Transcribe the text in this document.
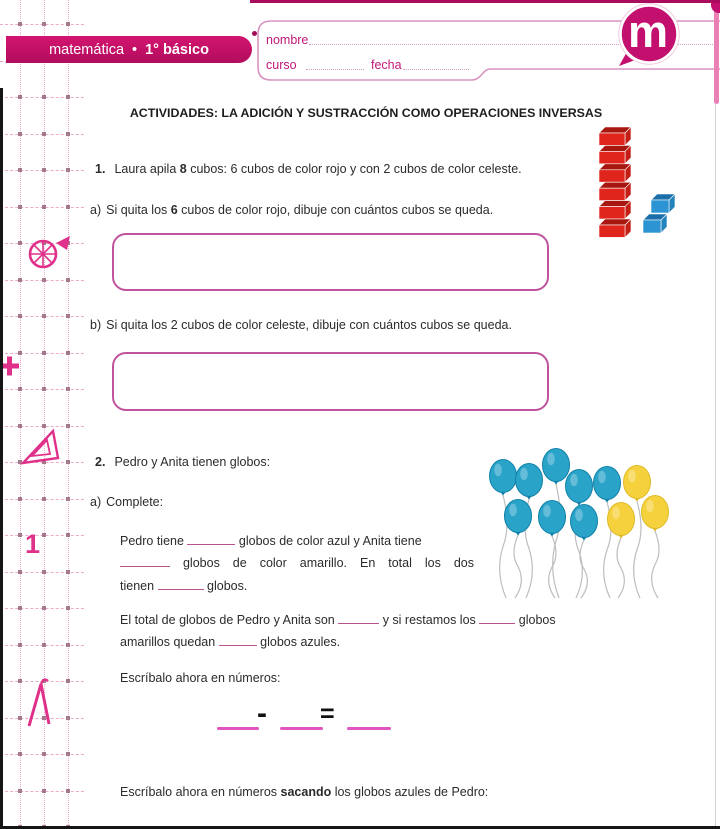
1
matemática • 1° básico
nombre
curso	fecha
m
ACTIVIDADES: LA ADICIÓN Y SUSTRACCIÓN COMO OPERACIONES INVERSAS
1. Laura apila 8 cubos: 6 cubos de color rojo y con 2 cubos de color celeste.
a) Si quita los 6 cubos de color rojo, dibuje con cuántos cubos se queda.
b) Si quita los 2 cubos de color celeste, dibuje con cuántos cubos se queda.
2. Pedro y Anita tienen globos:
a) Complete:
Pedro tiene	globos de color azul y Anita tiene
globos de color amarillo. En total los dos
tienen	globos.
El total de globos de Pedro y Anita son	y si restamos los	globos
amarillos quedan	globos azules.
Escríbalo ahora en números:
- =
Escríbalo ahora en números sacando los globos azules de Pedro:
